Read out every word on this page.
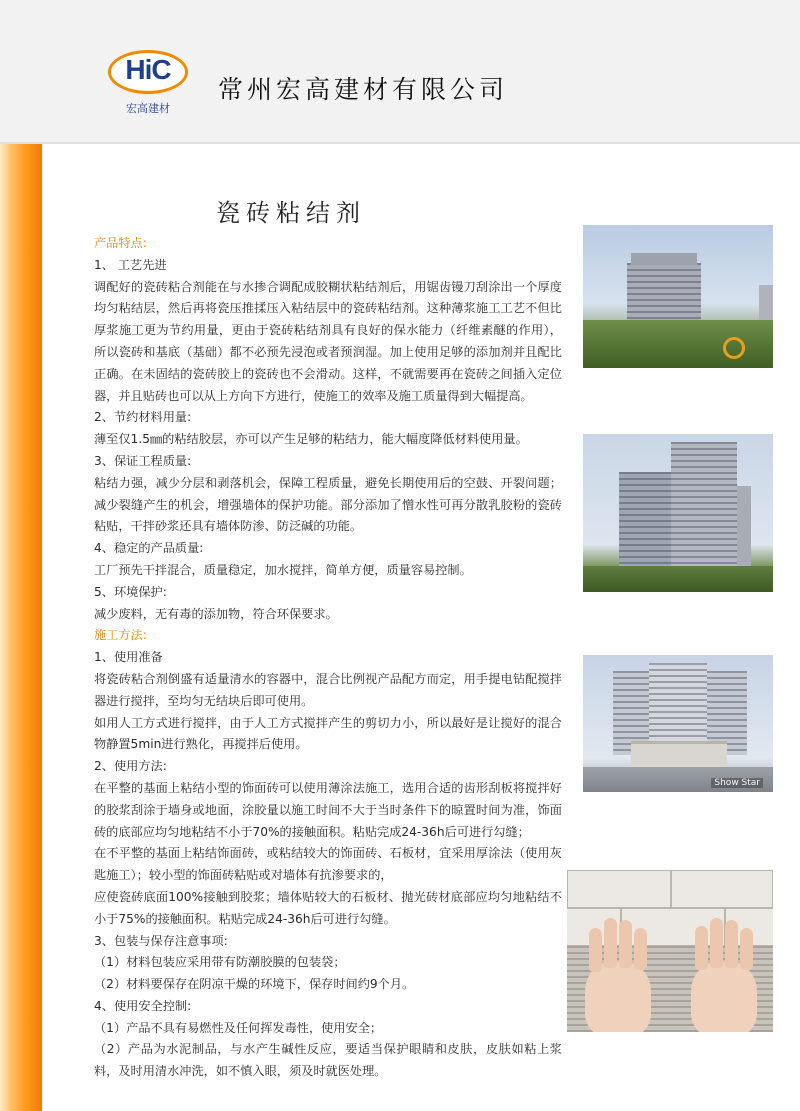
HiC
宏高建材
常州宏高建材有限公司
瓷砖粘结剂

产品特点:

1、 工艺先进

调配好的瓷砖粘合剂能在与水掺合调配成胶糊状粘结剂后，用锯齿镘刀刮涂出一个厚度均匀粘结层，然后再将瓷压推揉压入粘结层中的瓷砖粘结剂。这种薄浆施工工艺不但比厚浆施工更为节约用量，更由于瓷砖粘结剂具有良好的保水能力（纤维素醚的作用），所以瓷砖和基底（基础）都不必预先浸泡或者预润湿。加上使用足够的添加剂并且配比正确。在未固结的瓷砖胶上的瓷砖也不会滑动。这样，不就需要再在瓷砖之间插入定位器，并且贴砖也可以从上方向下方进行，使施工的效率及施工质量得到大幅提高。

2、节约材料用量:

薄至仅1.5㎜的粘结胶层，亦可以产生足够的粘结力，能大幅度降低材料使用量。

3、保证工程质量:

粘结力强，减少分层和剥落机会，保障工程质量，避免长期使用后的空鼓、开裂问题；减少裂缝产生的机会，增强墙体的保护功能。部分添加了憎水性可再分散乳胶粉的瓷砖粘贴，干拌砂浆还具有墙体防渗、防泛碱的功能。

4、稳定的产品质量:

工厂预先干拌混合，质量稳定，加水搅拌，简单方便，质量容易控制。

5、环境保护:

减少废料，无有毒的添加物，符合环保要求。

施工方法:

1、使用准备

将瓷砖粘合剂倒盛有适量清水的容器中，混合比例视产品配方而定，用手提电钻配搅拌器进行搅拌，至均匀无结块后即可使用。

如用人工方式进行搅拌，由于人工方式搅拌产生的剪切力小，所以最好是让搅好的混合物静置5min进行熟化，再搅拌后使用。

2、使用方法:

在平整的基面上粘结小型的饰面砖可以使用薄涂法施工，选用合适的齿形刮板将搅拌好的胶浆刮涂于墙身或地面，涂胶量以施工时间不大于当时条件下的晾置时间为准，饰面砖的底部应均匀地粘结不小于70%的接触面积。粘贴完成24-36h后可进行勾缝；

在不平整的基面上粘结饰面砖，或粘结较大的饰面砖、石板材，宜采用厚涂法（使用灰匙施工）；较小型的饰面砖粘贴或对墙体有抗渗要求的，

应使瓷砖底面100%接触到胶浆；墙体贴较大的石板材、抛光砖材底部应均匀地粘结不小于75%的接触面积。粘贴完成24-36h后可进行勾缝。

3、包装与保存注意事项:

（1）材料包装应采用带有防潮胶膜的包装袋；

（2）材料要保存在阴凉干燥的环境下，保存时间约9个月。

4、使用安全控制:

（1）产品不具有易燃性及任何挥发毒性，使用安全；

（2）产品为水泥制品，与水产生碱性反应，要适当保护眼睛和皮肤，皮肤如粘上浆料，及时用清水冲洗，如不慎入眼，须及时就医处理。

Show Star
